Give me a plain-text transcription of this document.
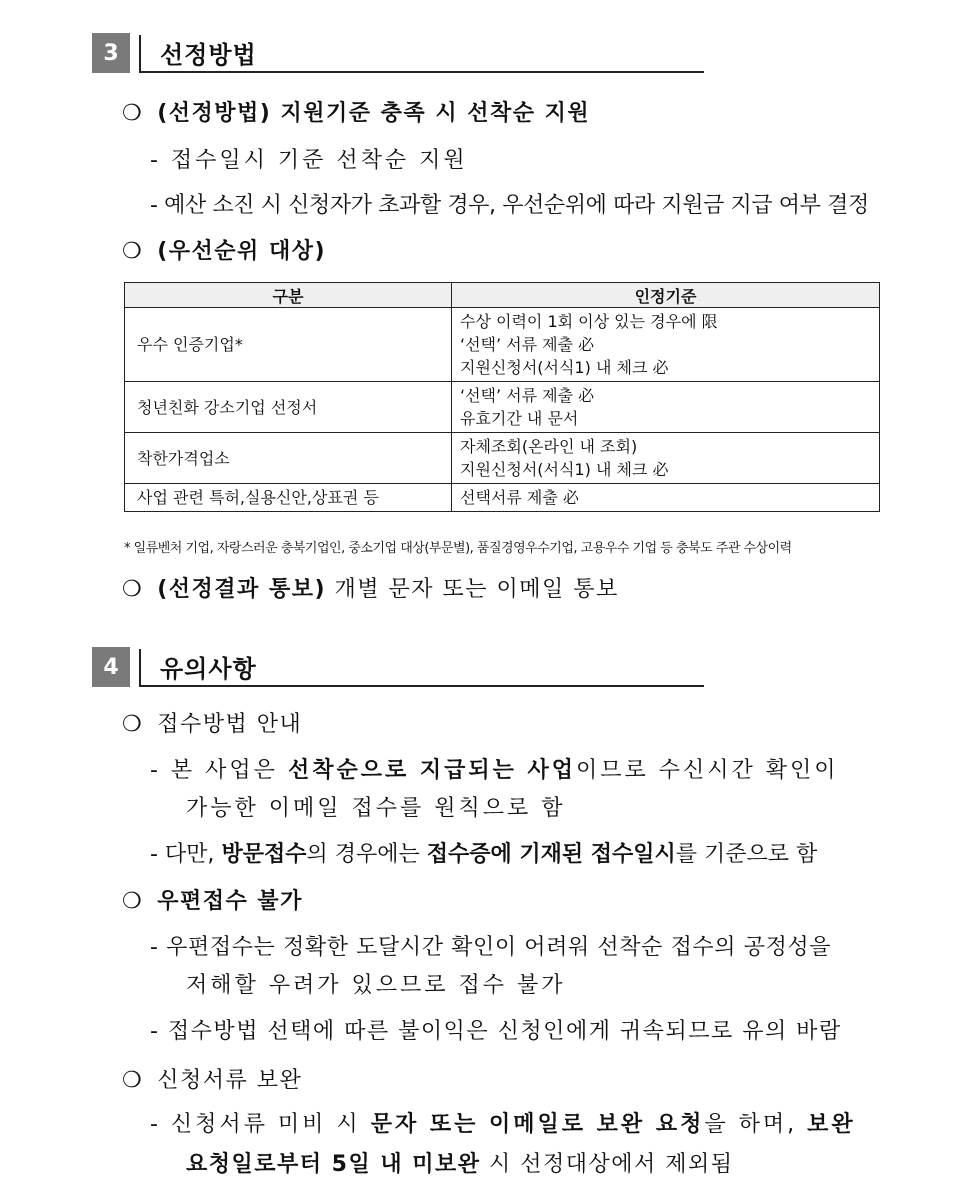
3	선정방법
❍ (선정방법) 지원기준 충족 시 선착순 지원
- 접수일시 기준 선착순 지원
- 예산 소진 시 신청자가 초과할 경우, 우선순위에 따라 지원금 지급 여부 결정
❍ (우선순위 대상)
구분	인정기준
우수 인증기업*	수상 이력이 1회 이상 있는 경우에 限
‘선택’ 서류 제출 必
지원신청서(서식1) 내 체크 必

청년친화 강소기업 선정서	‘선택’ 서류 제출 必
유효기간 내 문서

착한가격업소	자체조회(온라인 내 조회)
지원신청서(서식1) 내 체크 必

사업 관련 특허,실용신안,상표권 등	선택서류 제출 必
* 일류벤처 기업, 자랑스러운 충북기업인, 중소기업 대상(부문별), 품질경영우수기업, 고용우수 기업 등 충북도 주관 수상이력
❍ (선정결과 통보) 개별 문자 또는 이메일 통보
4	유의사항
❍ 접수방법 안내
- 본 사업은 선착순으로 지급되는 사업이므로 수신시간 확인이
가능한 이메일 접수를 원칙으로 함
- 다만, 방문접수의 경우에는 접수증에 기재된 접수일시를 기준으로 함
❍ 우편접수 불가
- 우편접수는 정확한 도달시간 확인이 어려워 선착순 접수의 공정성을
저해할 우려가 있으므로 접수 불가
- 접수방법 선택에 따른 불이익은 신청인에게 귀속되므로 유의 바람
❍ 신청서류 보완
- 신청서류 미비 시 문자 또는 이메일로 보완 요청을 하며, 보완
요청일로부터 5일 내 미보완 시 선정대상에서 제외됨
